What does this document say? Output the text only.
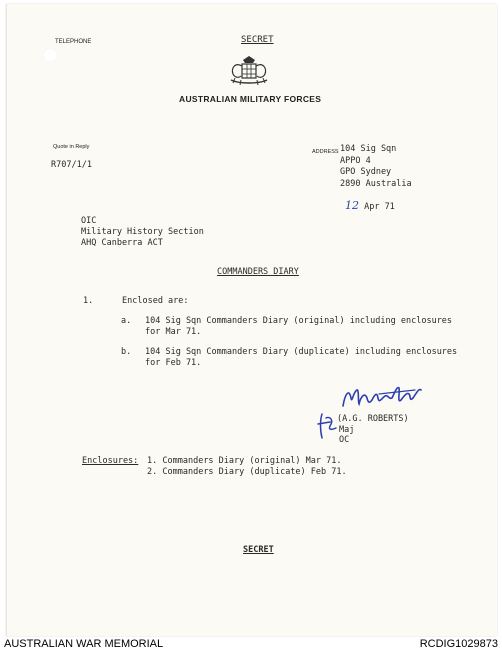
TELEPHONE	SECRET
AUSTRALIAN MILITARY FORCES
Quote in Reply
R707/1/1
ADDRESS 104 Sig Sqn
APPO 4
GPO Sydney
2890 Australia
12 Apr 71
OIC
Military History Section
AHQ Canberra ACT
COMMANDERS DIARY
1.	Enclosed are:
a. 104 Sig Sqn Commanders Diary (original) including enclosures
for Mar 71.
b. 104 Sig Sqn Commanders Diary (duplicate) including enclosures
for Feb 71.
(A.G. ROBERTS)
Maj
OC
Enclosures: 1. Commanders Diary (original) Mar 71.
2. Commanders Diary (duplicate) Feb 71.
SECRET
AUSTRALIAN WAR MEMORIAL	RCDIG1029873
